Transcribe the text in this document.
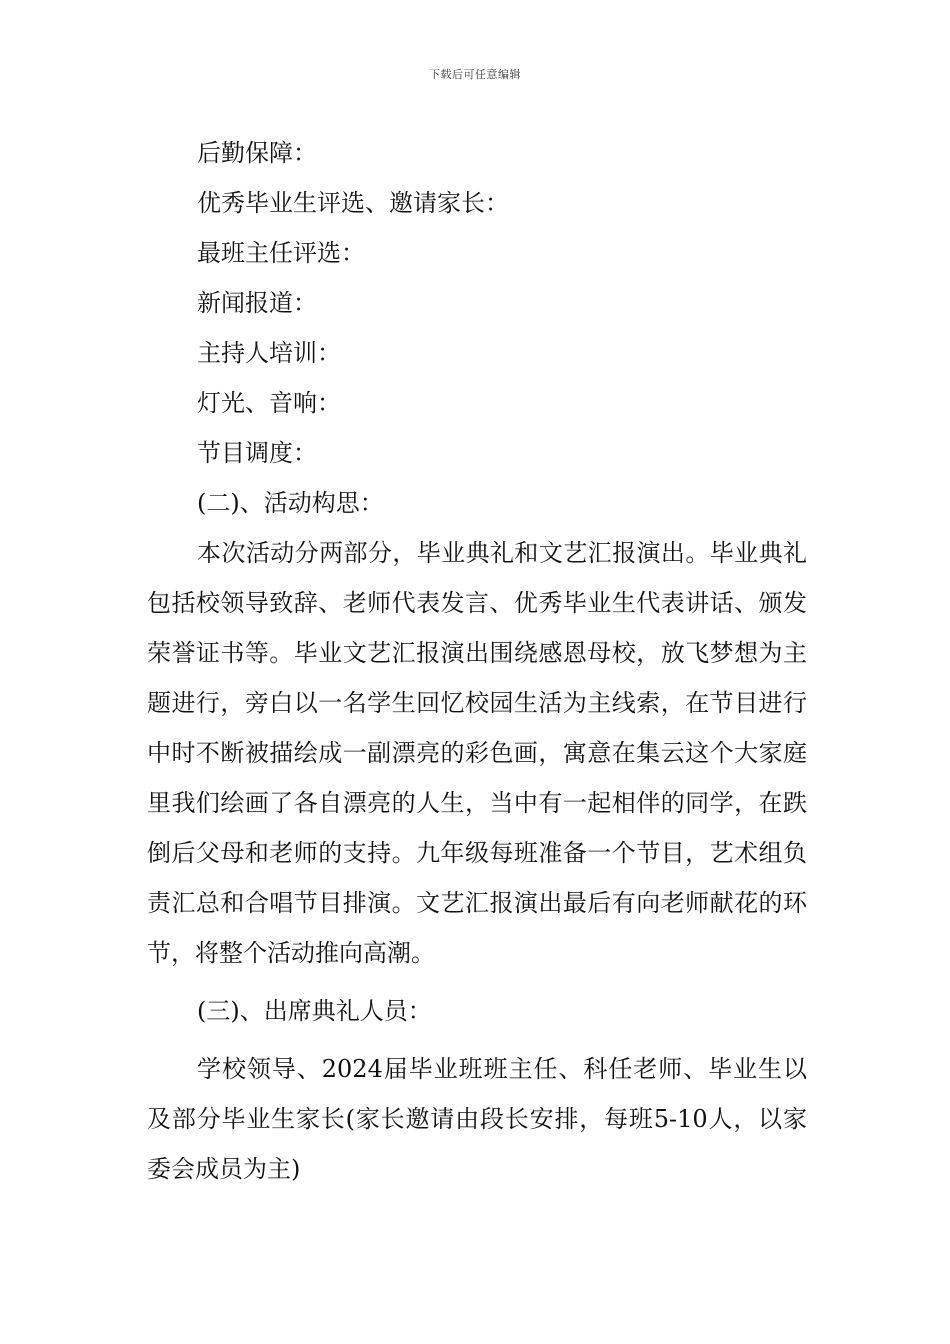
下载后可任意编辑

后勤保障：

优秀毕业生评选、邀请家长：

最班主任评选：

新闻报道：

主持人培训：

灯光、音响：

节目调度：

(二)、活动构思：

本次活动分两部分，毕业典礼和文艺汇报演出。毕业典礼包括校领导致辞、老师代表发言、优秀毕业生代表讲话、颁发荣誉证书等。毕业文艺汇报演出围绕感恩母校，放飞梦想为主题进行，旁白以一名学生回忆校园生活为主线索，在节目进行中时不断被描绘成一副漂亮的彩色画，寓意在集云这个大家庭里我们绘画了各自漂亮的人生，当中有一起相伴的同学，在跌倒后父母和老师的支持。九年级每班准备一个节目，艺术组负责汇总和合唱节目排演。文艺汇报演出最后有向老师献花的环节，将整个活动推向高潮。

(三)、出席典礼人员：

学校领导、2024届毕业班班主任、科任老师、毕业生以及部分毕业生家长(家长邀请由段长安排，每班5-10人，以家委会成员为主)
